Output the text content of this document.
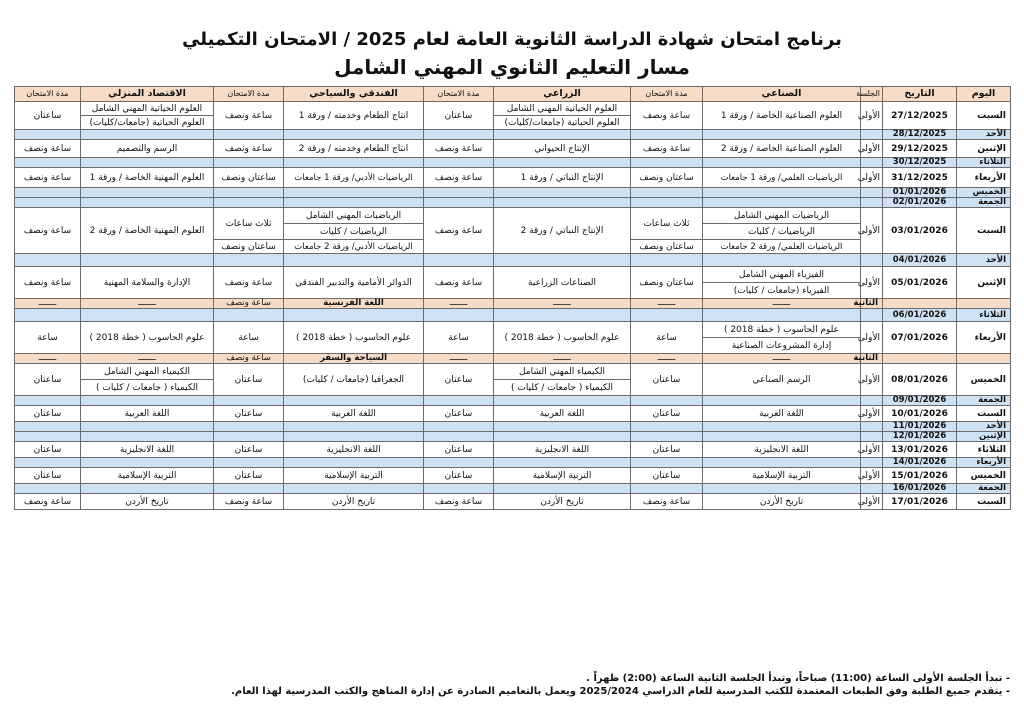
برنامج امتحان شهادة الدراسة الثانوية العامة لعام 2025 / الامتحان التكميلي
مسار التعليم الثانوي المهني الشامل
اليوم	التاريخ	الجلسة	الصناعي	مدة الامتحان	الزراعي	مدة الامتحان	الفندقي والسياحي	مدة الامتحان	الاقتصاد المنزلي	مدة الامتحان
السبت	27/12/2025	الأولى	العلوم الصناعية الخاصة / ورقة 1	ساعة ونصف	العلوم الحياتية المهني الشامل	ساعتان	انتاج الطعام وخدمته / ورقة 1	ساعة ونصف	العلوم الحياتية المهني الشامل	ساعتان
					العلوم الحياتية (جامعات/كليات)				العلوم الحياتية (جامعات/كليات)	
الأحد	28/12/2025									
الإثنين	29/12/2025	الأولى	العلوم الصناعية الخاصة / ورقة 2	ساعة ونصف	الإنتاج الحيواني	ساعة ونصف	انتاج الطعام وخدمته / ورقة 2	ساعة ونصف	الرسم والتصميم	ساعة ونصف
الثلاثاء	30/12/2025									
الأربعاء	31/12/2025	الأولى	الرياضيات العلمي/ ورقة 1 جامعات	ساعتان ونصف	الإنتاج النباتي / ورقة 1	ساعة ونصف	الرياضيات الأدبي/ ورقة 1 جامعات	ساعتان ونصف	العلوم المهنية الخاصة / ورقة 1	ساعة ونصف
الخميس	01/01/2026									
الجمعة	02/01/2026									
السبت	03/01/2026	الأولى	الرياضيات المهني الشامل	ثلاث ساعات	الإنتاج النباتي / ورقة 2	ساعة ونصف	الرياضيات المهني الشامل	ثلاث ساعات	العلوم المهنية الخاصة / ورقة 2	ساعة ونصف
			الرياضيات / كليات				الرياضيات / كليات			
			الرياضيات العلمي/ ورقة 2 جامعات	ساعتان ونصف			الرياضيات الأدبي/ ورقة 2 جامعات	ساعتان ونصف		
الأحد	04/01/2026									
الإثنين	05/01/2026	الأولى	الفيزياء المهني الشامل	ساعتان ونصف	الصناعات الزراعية	ساعة ونصف	الدوائر الأمامية والتدبير الفندقي	ساعة ونصف	الإدارة والسلامة المهنية	ساعة ونصف
			الفيزياء (جامعات / كليات)							
		الثانية	ـــــــ	ـــــــ	ـــــــ	ـــــــ	اللغة الفرنسية	ساعة ونصف	ـــــــ	ـــــــ
الثلاثاء	06/01/2026									
الأربعاء	07/01/2026	الأولى	علوم الحاسوب ( خطة 2018 )	ساعة	علوم الحاسوب ( خطة 2018 )	ساعة	علوم الحاسوب ( خطة 2018 )	ساعة	علوم الحاسوب ( خطة 2018 )	ساعة
			إدارة المشروعات الصناعية							
		الثانية	ـــــــ	ـــــــ	ـــــــ	ـــــــ	السياحة والسفر	ساعة ونصف	ـــــــ	ـــــــ
الخميس	08/01/2026	الأولى	الرسم الصناعي	ساعتان	الكيمياء المهني الشامل	ساعتان	الجغرافيا (جامعات / كليات)	ساعتان	الكيمياء المهني الشامل	ساعتان
					الكيمياء ( جامعات / كليات )				الكيمياء ( جامعات / كليات )	
الجمعة	09/01/2026									
السبت	10/01/2026	الأولى	اللغة العربية	ساعتان	اللغة العربية	ساعتان	اللغة العربية	ساعتان	اللغة العربية	ساعتان
الأحد	11/01/2026									
الإثنين	12/01/2026									
الثلاثاء	13/01/2026	الأولى	اللغة الانجليزية	ساعتان	اللغة الانجليزية	ساعتان	اللغة الانجليزية	ساعتان	اللغة الانجليزية	ساعتان
الأربعاء	14/01/2026									
الخميس	15/01/2026	الأولى	التربية الإسلامية	ساعتان	التربية الإسلامية	ساعتان	التربية الإسلامية	ساعتان	التربية الإسلامية	ساعتان
الجمعة	16/01/2026									
السبت	17/01/2026	الأولى	تاريخ الأردن	ساعة ونصف	تاريخ الأردن	ساعة ونصف	تاريخ الأردن	ساعة ونصف	تاريخ الأردن	ساعة ونصف
- تبدأ الجلسة الأولى الساعة (11:00) صباحاً، وتبدأ الجلسة الثانية الساعة (2:00) ظهراً .
- يتقدم جميع الطلبة وفق الطبعات المعتمدة للكتب المدرسية للعام الدراسي 2025/2024 ويعمل بالتعاميم الصادرة عن إدارة المناهج والكتب المدرسية لهذا العام.
